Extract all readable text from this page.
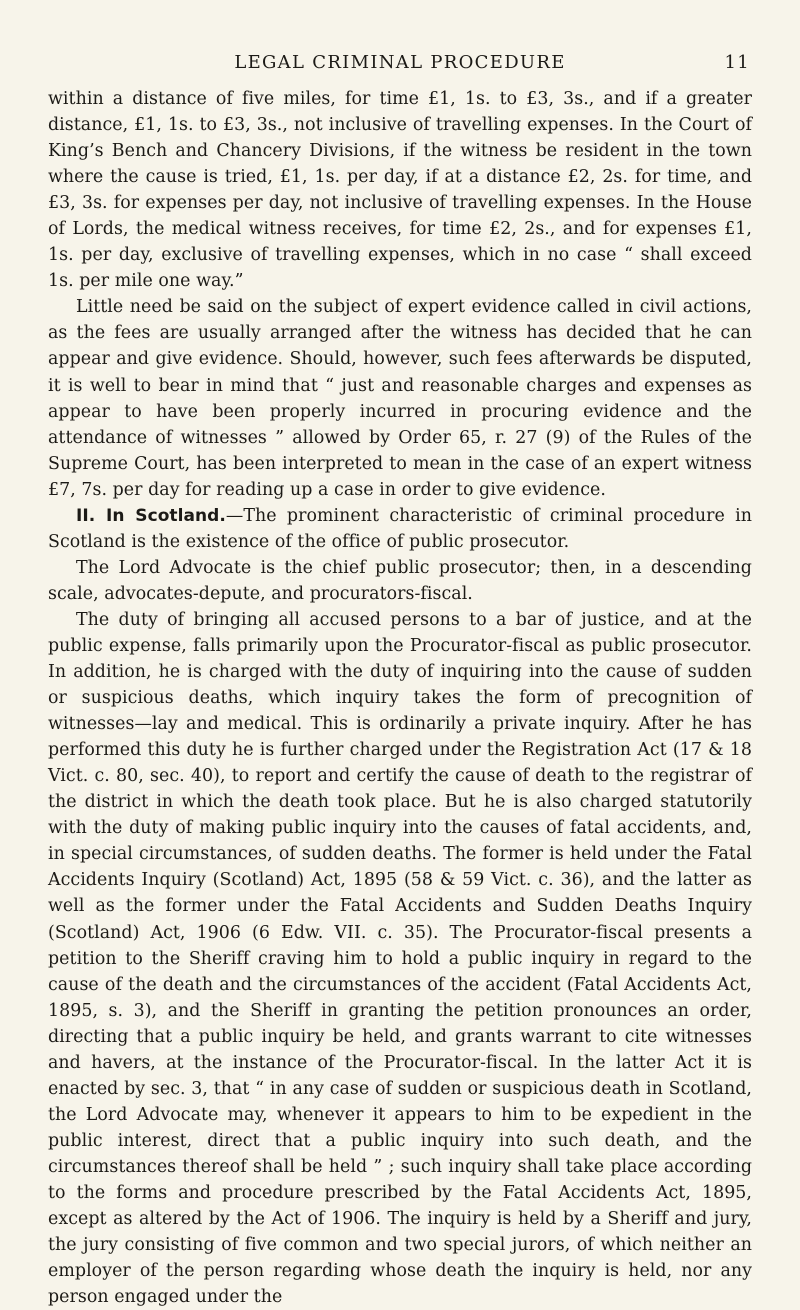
LEGAL CRIMINAL PROCEDURE	11

within a distance of five miles, for time £1, 1s. to £3, 3s., and if a greater distance, £1, 1s. to £3, 3s., not inclusive of travelling expenses. In the Court of King’s Bench and Chancery Divisions, if the witness be resident in the town where the cause is tried, £1, 1s. per day, if at a distance £2, 2s. for time, and £3, 3s. for expenses per day, not inclusive of travelling expenses. In the House of Lords, the medical witness receives, for time £2, 2s., and for expenses £1, 1s. per day, exclusive of travelling expenses, which in no case “ shall exceed 1s. per mile one way.”

Little need be said on the subject of expert evidence called in civil actions, as the fees are usually arranged after the witness has decided that he can appear and give evidence. Should, however, such fees afterwards be disputed, it is well to bear in mind that “ just and reasonable charges and expenses as appear to have been properly incurred in procuring evidence and the attendance of witnesses ” allowed by Order 65, r. 27 (9) of the Rules of the Supreme Court, has been interpreted to mean in the case of an expert witness £7, 7s. per day for reading up a case in order to give evidence.

II. In Scotland.—The prominent characteristic of criminal procedure in Scotland is the existence of the office of public prosecutor.

The Lord Advocate is the chief public prosecutor; then, in a descending scale, advocates-depute, and procurators-fiscal.

The duty of bringing all accused persons to a bar of justice, and at the public expense, falls primarily upon the Procurator-fiscal as public prosecutor. In addition, he is charged with the duty of inquiring into the cause of sudden or suspicious deaths, which inquiry takes the form of precognition of witnesses—lay and medical. This is ordinarily a private inquiry. After he has performed this duty he is further charged under the Registration Act (17 & 18 Vict. c. 80, sec. 40), to report and certify the cause of death to the registrar of the district in which the death took place. But he is also charged statutorily with the duty of making public inquiry into the causes of fatal accidents, and, in special circumstances, of sudden deaths. The former is held under the Fatal Accidents Inquiry (Scotland) Act, 1895 (58 & 59 Vict. c. 36), and the latter as well as the former under the Fatal Accidents and Sudden Deaths Inquiry (Scotland) Act, 1906 (6 Edw. VII. c. 35). The Procurator-fiscal presents a petition to the Sheriff craving him to hold a public inquiry in regard to the cause of the death and the circumstances of the accident (Fatal Accidents Act, 1895, s. 3), and the Sheriff in granting the petition pronounces an order, directing that a public inquiry be held, and grants warrant to cite witnesses and havers, at the instance of the Procurator-fiscal. In the latter Act it is enacted by sec. 3, that “ in any case of sudden or suspicious death in Scotland, the Lord Advocate may, whenever it appears to him to be expedient in the public interest, direct that a public inquiry into such death, and the circumstances thereof shall be held ” ; such inquiry shall take place according to the forms and procedure prescribed by the Fatal Accidents Act, 1895, except as altered by the Act of 1906. The inquiry is held by a Sheriff and jury, the jury consisting of five common and two special jurors, of which neither an employer of the person regarding whose death the inquiry is held, nor any person engaged under the
